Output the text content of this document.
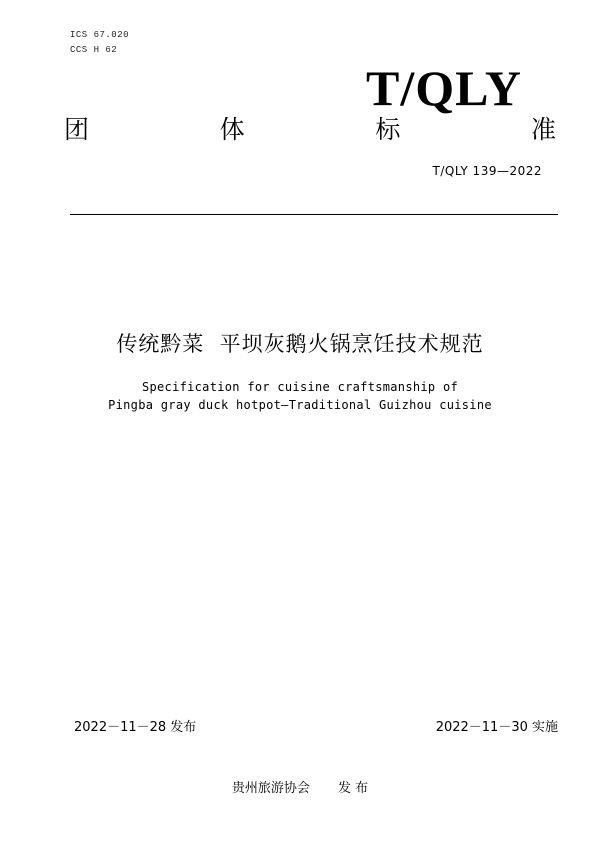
ICS 67.020
CCS H 62
T/QLY
团	体	标	准
T/QLY 139—2022
传统黔菜  平坝灰鹅火锅烹饪技术规范
Specification for cuisine craftsmanship of
Pingba gray duck hotpot—Traditional Guizhou cuisine
2022－11－28 发布	2022－11－30 实施
贵州旅游协会 发 布
